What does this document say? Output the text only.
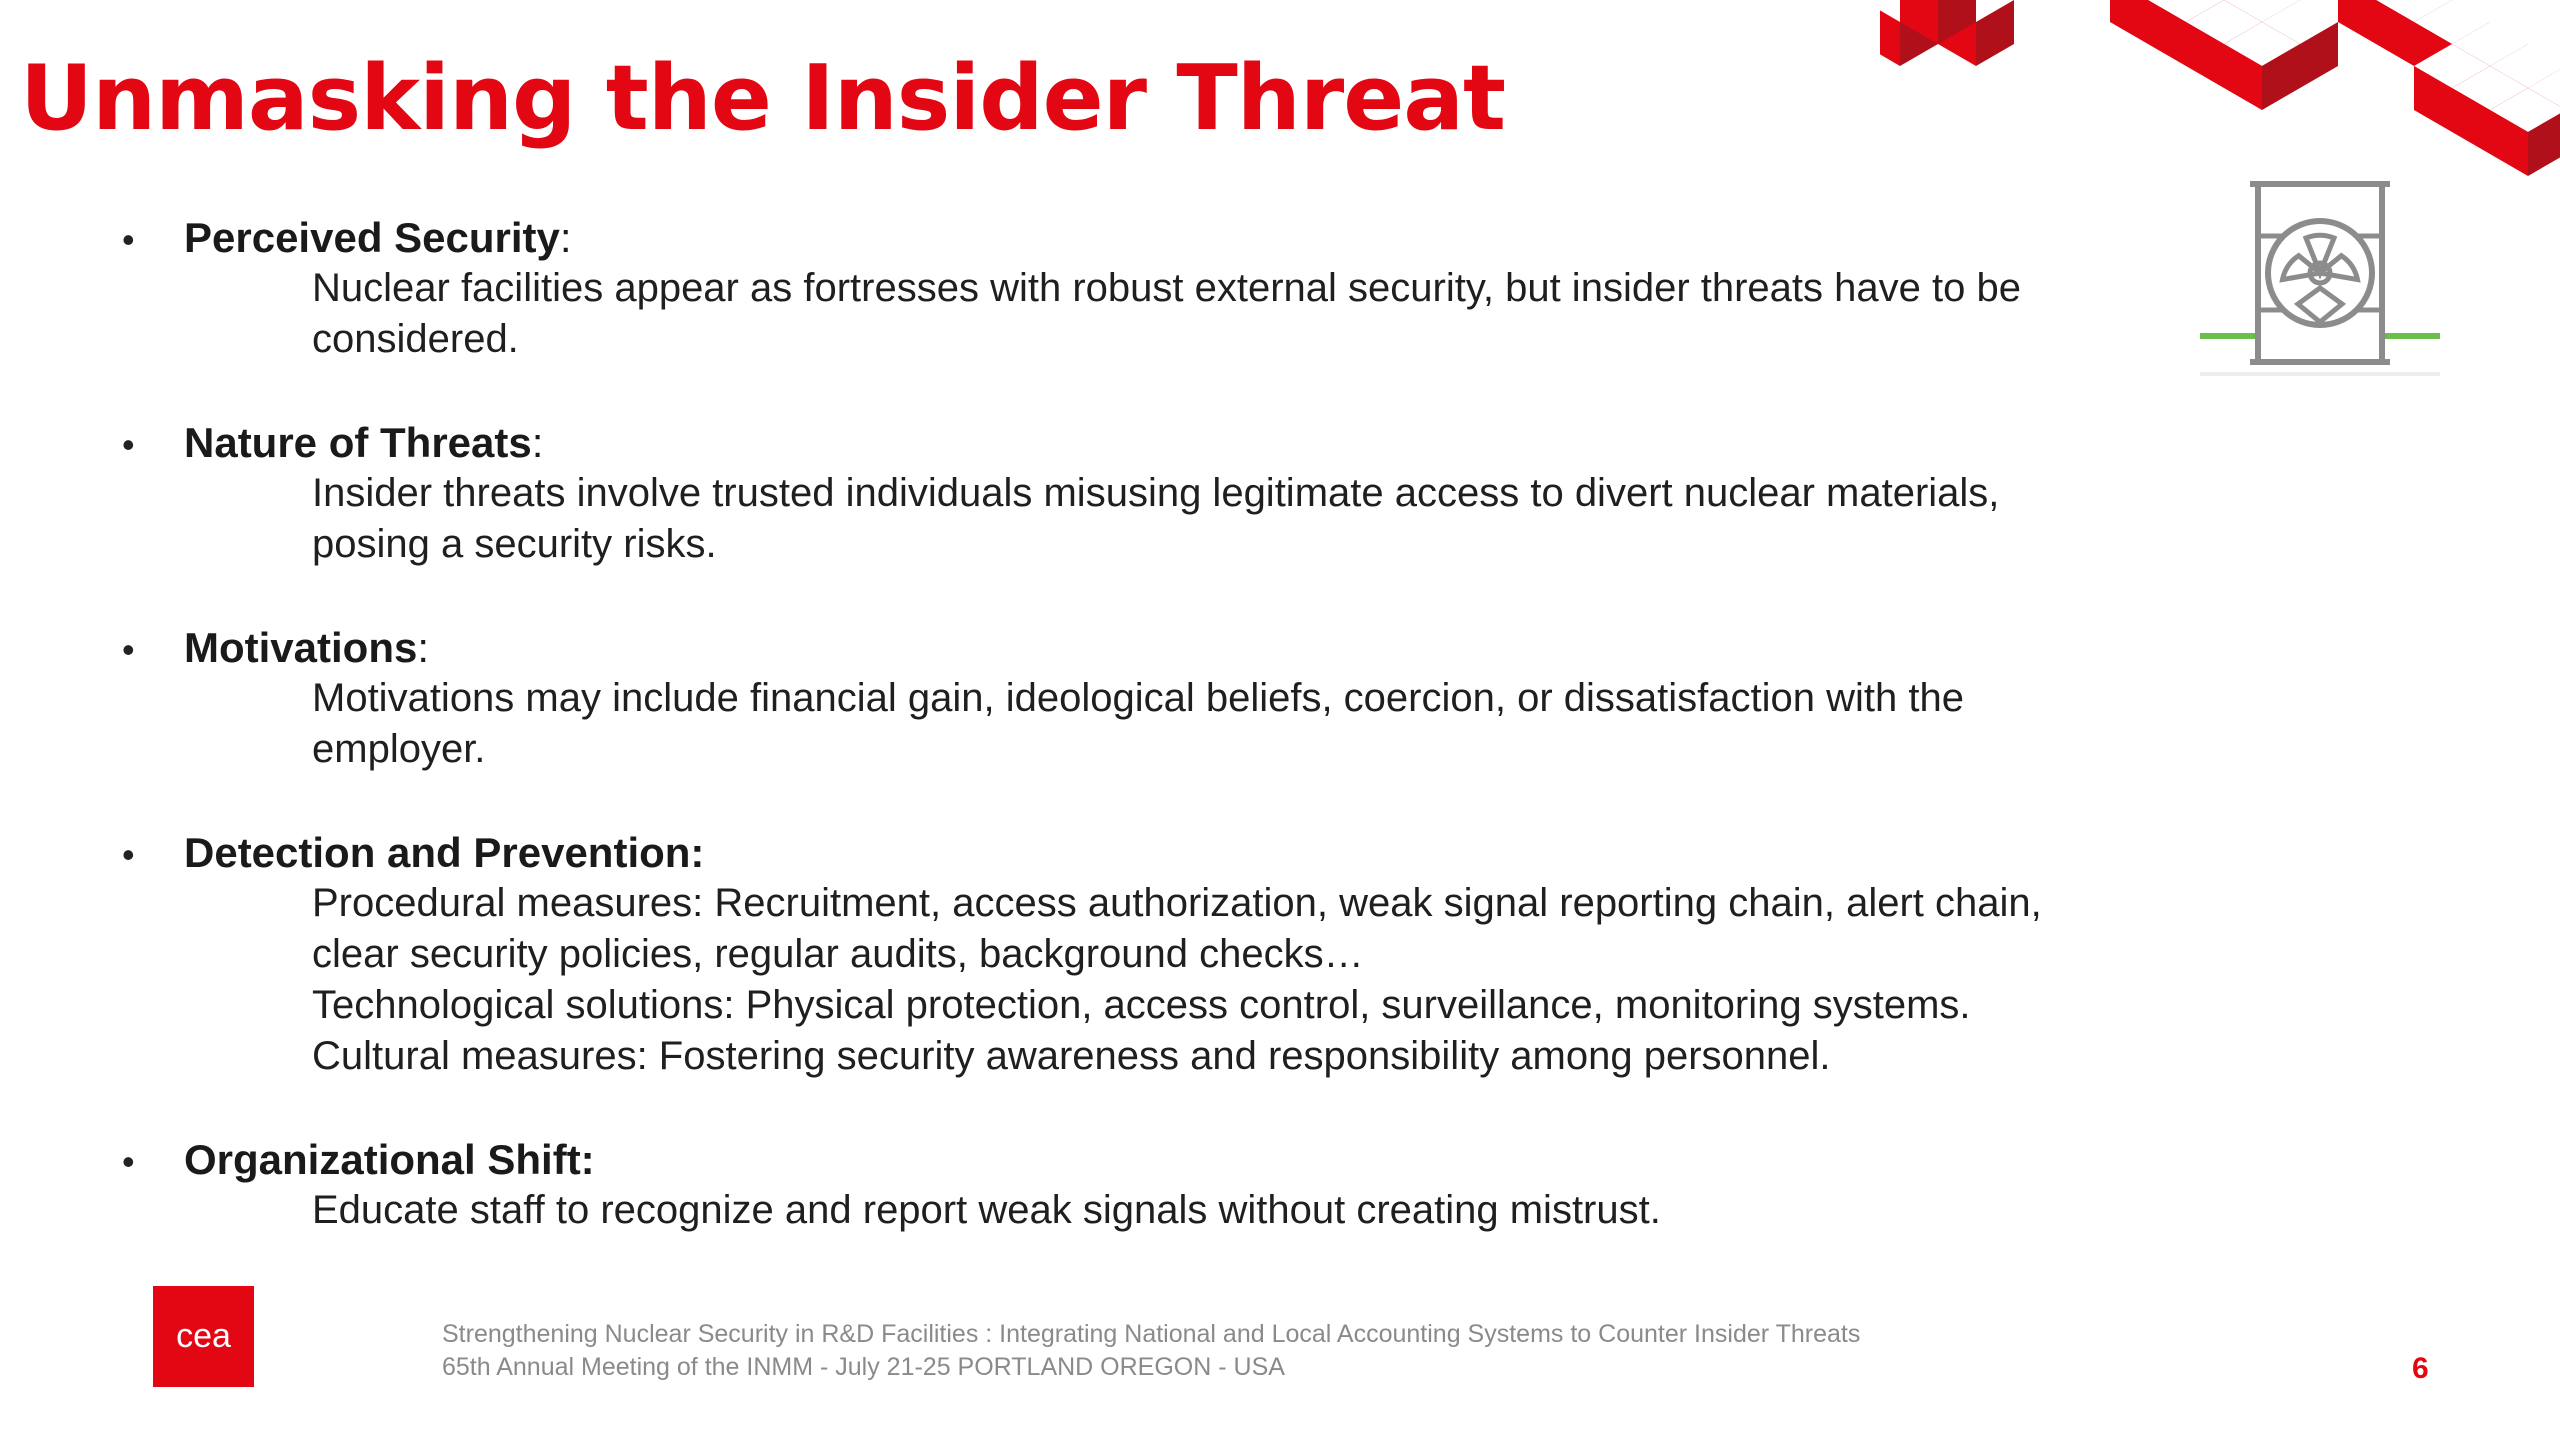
Unmasking the Insider Threat
• Perceived Security:

Nuclear facilities appear as fortresses with robust external security, but insider threats have to be considered.

• Nature of Threats:

Insider threats involve trusted individuals misusing legitimate access to divert nuclear materials, posing a security risks.

• Motivations:

Motivations may include financial gain, ideological beliefs, coercion, or dissatisfaction with the employer.

• Detection and Prevention:

Procedural measures: Recruitment, access authorization, weak signal reporting chain, alert chain, clear security policies, regular audits, background checks…

Technological solutions: Physical protection, access control, surveillance, monitoring systems.

Cultural measures: Fostering security awareness and responsibility among personnel.

• Organizational Shift:

Educate staff to recognize and report weak signals without creating mistrust.

cea	Strengthening Nuclear Security in R&D Facilities : Integrating National and Local Accounting Systems to Counter Insider Threats
65th Annual Meeting of the INMM - July 21-25 PORTLAND OREGON - USA	6
